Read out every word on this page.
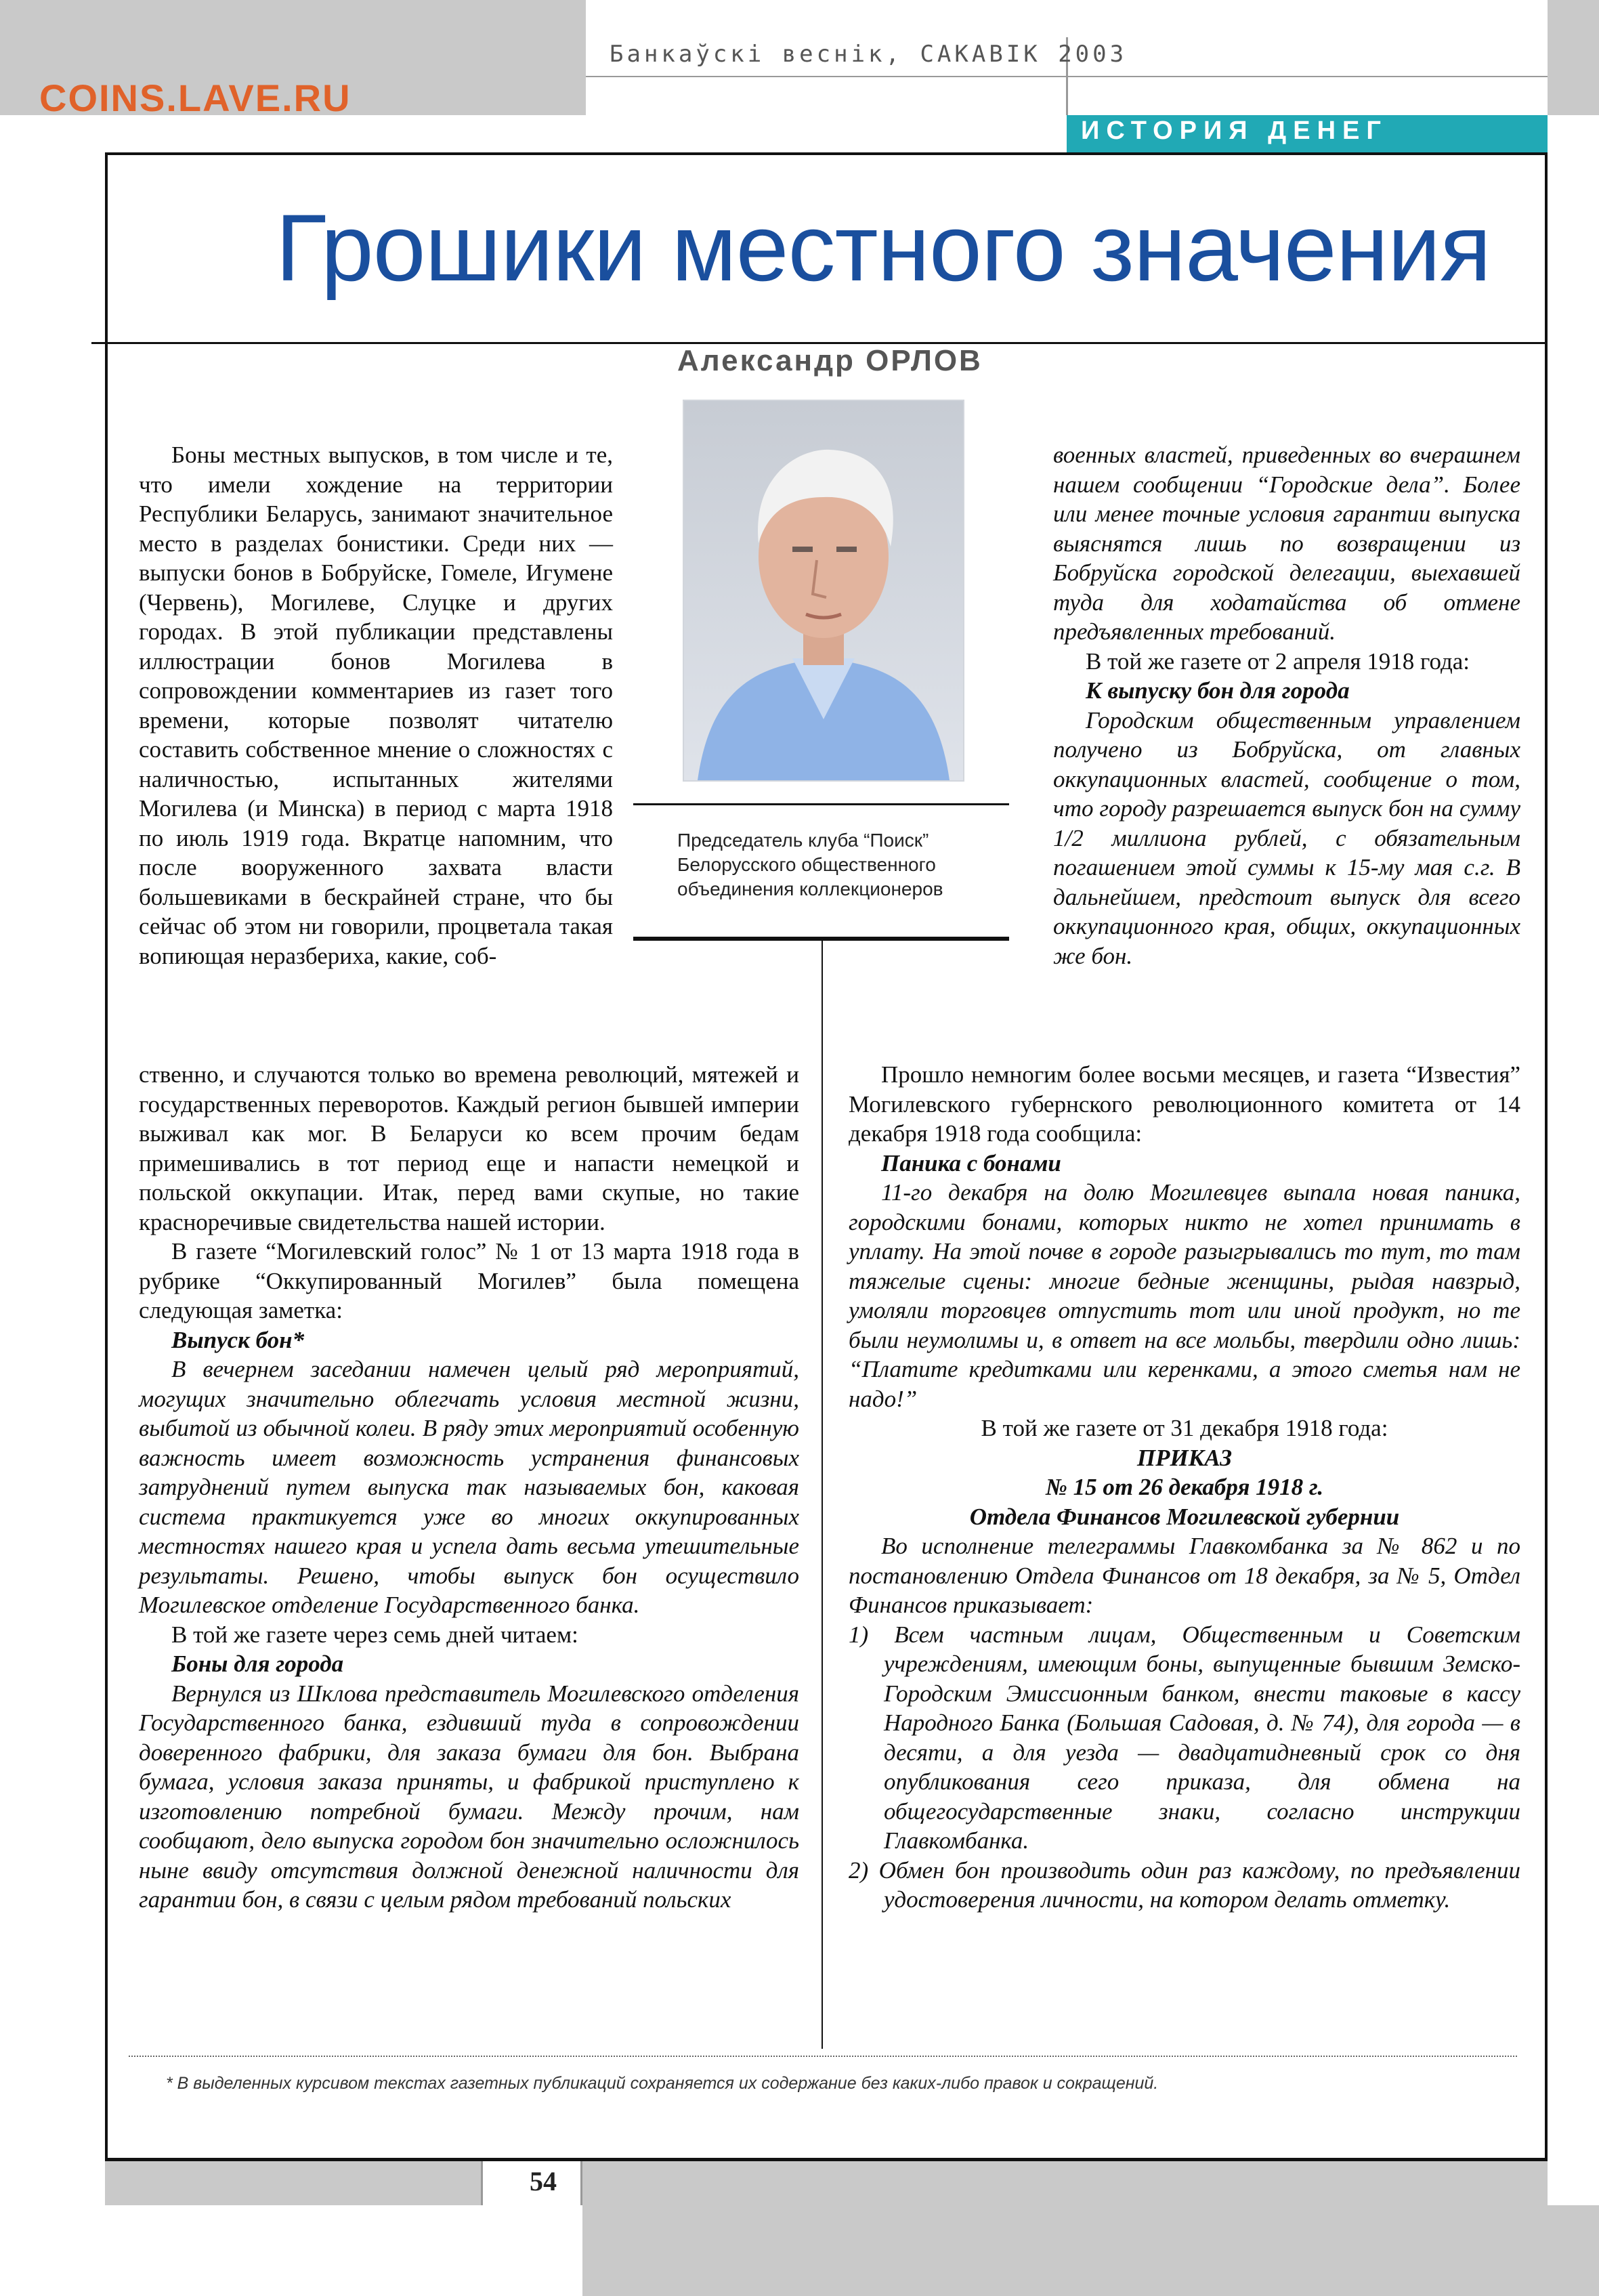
Банкаўскі веснік, САКАВІК 2003
COINS.LAVE.RU
ИСТОРИЯ ДЕНЕГ
Грошики местного значения
Александр ОРЛОВ
Председатель клуба “Поиск” Белорусского общественного объединения коллекционеров

Боны местных выпусков, в том числе и те, что имели хождение на территории Республики Беларусь, занимают значительное место в разделах бонистики. Среди них — выпуски бонов в Бобруйске, Гомеле, Игумене (Червень), Могилеве, Слуцке и других городах. В этой публикации представлены иллюстрации бонов Могилева в сопровождении комментариев из газет того времени, которые позволят читателю составить собственное мнение о сложностях с наличностью, испытанных жителями Могилева (и Минска) в период с марта 1918 по июль 1919 года. Вкратце напомним, что после вооруженного захвата власти большевиками в бескрайней стране, что бы сейчас об этом ни говорили, процветала такая вопиющая неразбериха, какие, соб-

ственно, и случаются только во времена революций, мятежей и государственных переворотов. Каждый регион бывшей империи выживал как мог. В Беларуси ко всем прочим бедам примешивались в тот период еще и напасти немецкой и польской оккупации. Итак, перед вами скупые, но такие красноречивые свидетельства нашей истории.

В газете “Могилевский голос” № 1 от 13 марта 1918 года в рубрике “Оккупированный Могилев” была помещена следующая заметка:

Выпуск бон*

В вечернем заседании намечен целый ряд мероприятий, могущих значительно облегчать условия местной жизни, выбитой из обычной колеи. В ряду этих мероприятий особенную важность имеет возможность устранения финансовых затруднений путем выпуска так называемых бон, каковая система практикуется уже во многих оккупированных местностях нашего края и успела дать весьма утешительные результаты. Решено, чтобы выпуск бон осуществило Могилевское отделение Государственного банка.

В той же газете через семь дней читаем:

Боны для города

Вернулся из Шклова представитель Могилевского отделения Государственного банка, ездивший туда в сопровождении доверенного фабрики, для заказа бумаги для бон. Выбрана бумага, условия заказа приняты, и фабрикой приступлено к изготовлению потребной бумаги. Между прочим, нам сообщают, дело выпуска городом бон значительно осложнилось ныне ввиду отсутствия должной денежной наличности для гарантии бон, в связи с целым рядом требований польских

военных властей, приведенных во вчерашнем нашем сообщении “Городские дела”. Более или менее точные условия гарантии выпуска выяснятся лишь по возвращении из Бобруйска городской делегации, выехавшей туда для ходатайства об отмене предъявленных требований.

В той же газете от 2 апреля 1918 года:

К выпуску бон для города

Городским общественным управлением получено из Бобруйска, от главных оккупационных властей, сообщение о том, что городу разрешается выпуск бон на сумму 1/2 миллиона рублей, с обязательным погашением этой суммы к 15-му мая с.г. В дальнейшем, предстоит выпуск для всего оккупационного края, общих, оккупационных же бон.

Прошло немногим более восьми месяцев, и газета “Известия” Могилевского губернского революционного комитета от 14 декабря 1918 года сообщила:

Паника с бонами

11-го декабря на долю Могилевцев выпала новая паника, городскими бонами, которых никто не хотел принимать в уплату. На этой почве в городе разыгрывались то тут, то там тяжелые сцены: многие бедные женщины, рыдая навзрыд, умоляли торговцев отпустить тот или иной продукт, но те были неумолимы и, в ответ на все мольбы, твердили одно лишь: “Платите кредитками или керенками, а этого сметья нам не надо!”

В той же газете от 31 декабря 1918 года:

ПРИКАЗ

№ 15 от 26 декабря 1918 г.

Отдела Финансов Могилевской губернии

Во исполнение телеграммы Главкомбанка за № 862 и по постановлению Отдела Финансов от 18 декабря, за № 5, Отдел Финансов приказывает:

1) Всем частным лицам, Общественным и Советским учреждениям, имеющим боны, выпущенные бывшим Земско-Городским Эмиссионным банком, внести таковые в кассу Народного Банка (Большая Садовая, д. № 74), для города — в десяти, а для уезда — двадцатидневный срок со дня опубликования сего приказа, для обмена на общегосударственные знаки, согласно инструкции Главкомбанка.

2) Обмен бон производить один раз каждому, по предъявлении удостоверения личности, на котором делать отметку.

* В выделенных курсивом текстах газетных публикаций сохраняется их содержание без каких-либо правок и сокращений.
54
